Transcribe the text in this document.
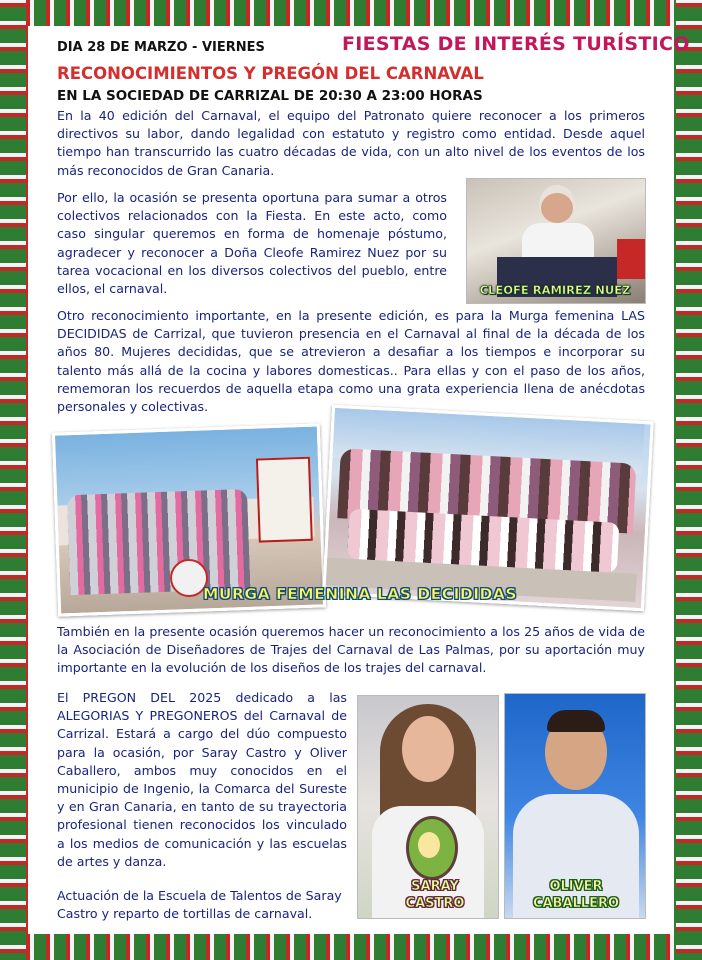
DIA 28 DE MARZO - VIERNES	FIESTAS DE INTERÉS TURÍSTICO
RECONOCIMIENTOS Y PREGÓN DEL CARNAVAL
EN LA SOCIEDAD DE CARRIZAL DE 20:30 A 23:00 HORAS
En la 40 edición del Carnaval, el equipo del Patronato quiere reconocer a los primeros directivos su labor, dando legalidad con estatuto y registro como entidad. Desde aquel tiempo han transcurrido las cuatro décadas de vida, con un alto nivel de los eventos de los más reconocidos de Gran Canaria.
Por ello, la ocasión se presenta oportuna para sumar a otros colectivos relacionados con la Fiesta. En este acto, como caso singular queremos en forma de homenaje póstumo, agradecer y reconocer a Doña Cleofe Ramirez Nuez por su tarea vocacional en los diversos colectivos del pueblo, entre ellos, el carnaval.	CLEOFE RAMIREZ NUEZ
Otro reconocimiento importante, en la presente edición, es para la Murga femenina LAS DECIDIDAS de Carrizal, que tuvieron presencia en el Carnaval al final de la década de los años 80. Mujeres decididas, que se atrevieron a desafiar a los tiempos e incorporar su talento más allá de la cocina y labores domesticas.. Para ellas y con el paso de los años, rememoran los recuerdos de aquella etapa como una grata experiencia llena de anécdotas personales y colectivas.
MURGA FEMENINA LAS DECIDIDAS
También en la presente ocasión queremos hacer un reconocimiento a los 25 años de vida de la Asociación de Diseñadores de Trajes del Carnaval de Las Palmas, por su aportación muy importante en la evolución de los diseños de los trajes del carnaval.
El PREGON DEL 2025 dedicado a las ALEGORIAS Y PREGONEROS del Carnaval de Carrizal. Estará a cargo del dúo compuesto para la ocasión, por Saray Castro y Oliver Caballero, ambos muy conocidos en el municipio de Ingenio, la Comarca del Sureste y en Gran Canaria, en tanto de su trayectoria profesional tienen reconocidos los vinculado a los medios de comunicación y las escuelas de artes y danza.
Actuación de la Escuela de Talentos de Saray Castro y reparto de tortillas de carnaval.
SARAY
CASTRO
OLIVER
CABALLERO
